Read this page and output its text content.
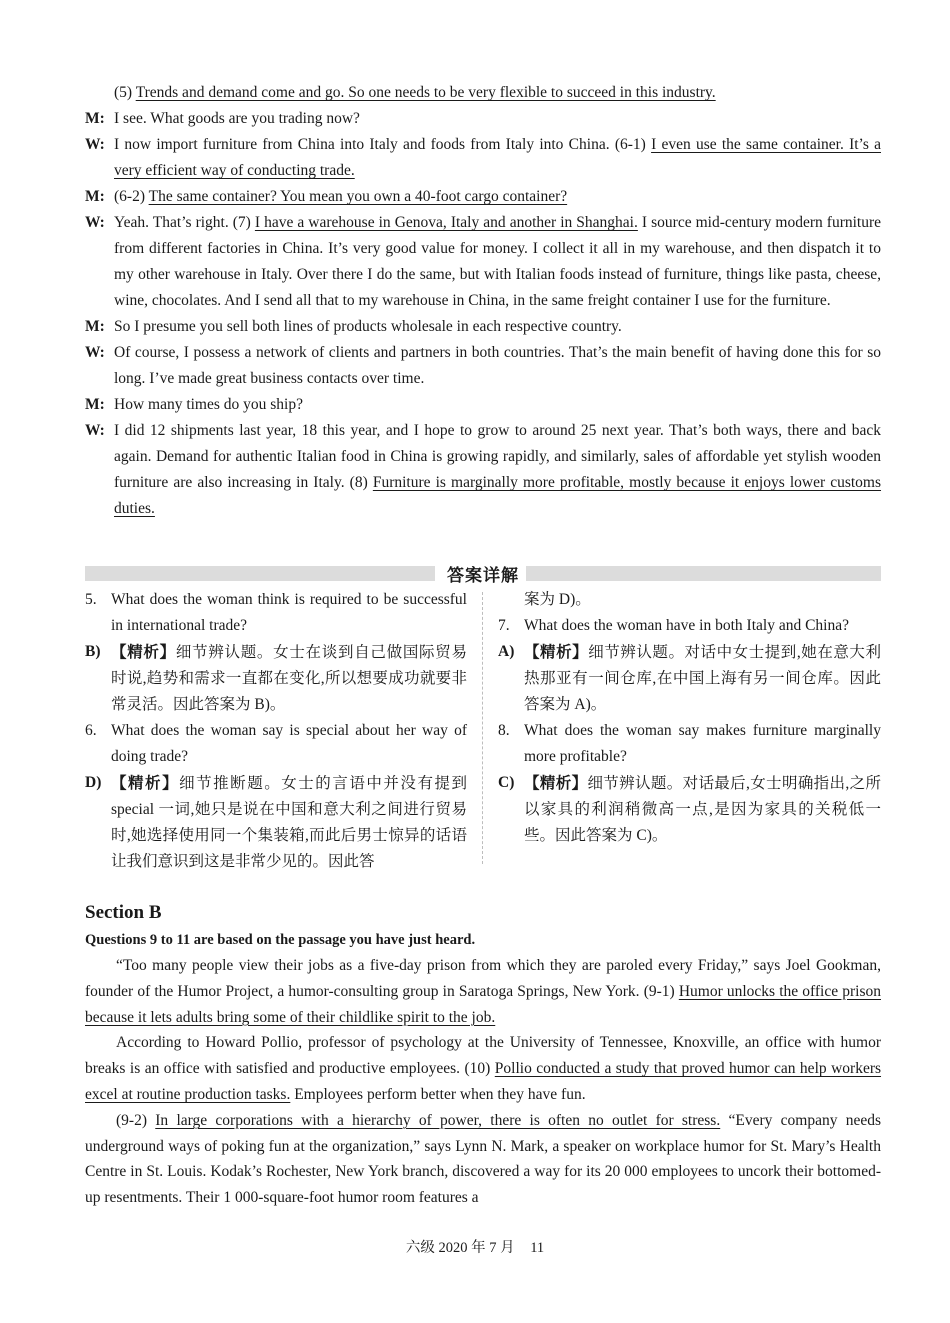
(5) Trends and demand come and go. So one needs to be very flexible to succeed in this industry.
M: I see. What goods are you trading now?
W: I now import furniture from China into Italy and foods from Italy into China. (6-1) I even use the same container. It’s a very efficient way of conducting trade.
M: (6-2) The same container? You mean you own a 40-foot cargo container?
W: Yeah. That’s right. (7) I have a warehouse in Genova, Italy and another in Shanghai. I source mid-century modern furniture from different factories in China. It’s very good value for money. I collect it all in my warehouse, and then dispatch it to my other warehouse in Italy. Over there I do the same, but with Italian foods instead of furniture, things like pasta, cheese, wine, chocolates. And I send all that to my warehouse in China, in the same freight container I use for the furniture.
M: So I presume you sell both lines of products wholesale in each respective country.
W: Of course, I possess a network of clients and partners in both countries. That’s the main benefit of having done this for so long. I’ve made great business contacts over time.
M: How many times do you ship?
W: I did 12 shipments last year, 18 this year, and I hope to grow to around 25 next year. That’s both ways, there and back again. Demand for authentic Italian food in China is growing rapidly, and similarly, sales of affordable yet stylish wooden furniture are also increasing in Italy. (8) Furniture is marginally more profitable, mostly because it enjoys lower customs duties.
答案详解
5. What does the woman think is required to be successful in international trade?
B) 【精析】细节辨认题。女士在谈到自己做国际贸易时说,趋势和需求一直都在变化,所以想要成功就要非常灵活。因此答案为 B)。
6. What does the woman say is special about her way of doing trade?
D) 【精析】细节推断题。女士的言语中并没有提到 special 一词,她只是说在中国和意大利之间进行贸易时,她选择使用同一个集装箱,而此后男士惊异的话语让我们意识到这是非常少见的。因此答
案为 D)。
7. What does the woman have in both Italy and China?
A) 【精析】细节辨认题。对话中女士提到,她在意大利热那亚有一间仓库,在中国上海有另一间仓库。因此答案为 A)。
8. What does the woman say makes furniture marginally more profitable?
C) 【精析】细节辨认题。对话最后,女士明确指出,之所以家具的利润稍微高一点,是因为家具的关税低一些。因此答案为 C)。
Section B
Questions 9 to 11 are based on the passage you have just heard.

“Too many people view their jobs as a five-day prison from which they are paroled every Friday,” says Joel Gookman, founder of the Humor Project, a humor-consulting group in Saratoga Springs, New York. (9-1) Humor unlocks the office prison because it lets adults bring some of their childlike spirit to the job.

According to Howard Pollio, professor of psychology at the University of Tennessee, Knoxville, an office with humor breaks is an office with satisfied and productive employees. (10) Pollio conducted a study that proved humor can help workers excel at routine production tasks. Employees perform better when they have fun.

(9-2) In large corporations with a hierarchy of power, there is often no outlet for stress. “Every company needs underground ways of poking fun at the organization,” says Lynn N. Mark, a speaker on workplace humor for St. Mary’s Health Centre in St. Louis. Kodak’s Rochester, New York branch, discovered a way for its 20 000 employees to uncork their bottomed-up resentments. Their 1 000-square-foot humor room features a

六级 2020 年 7 月 11
